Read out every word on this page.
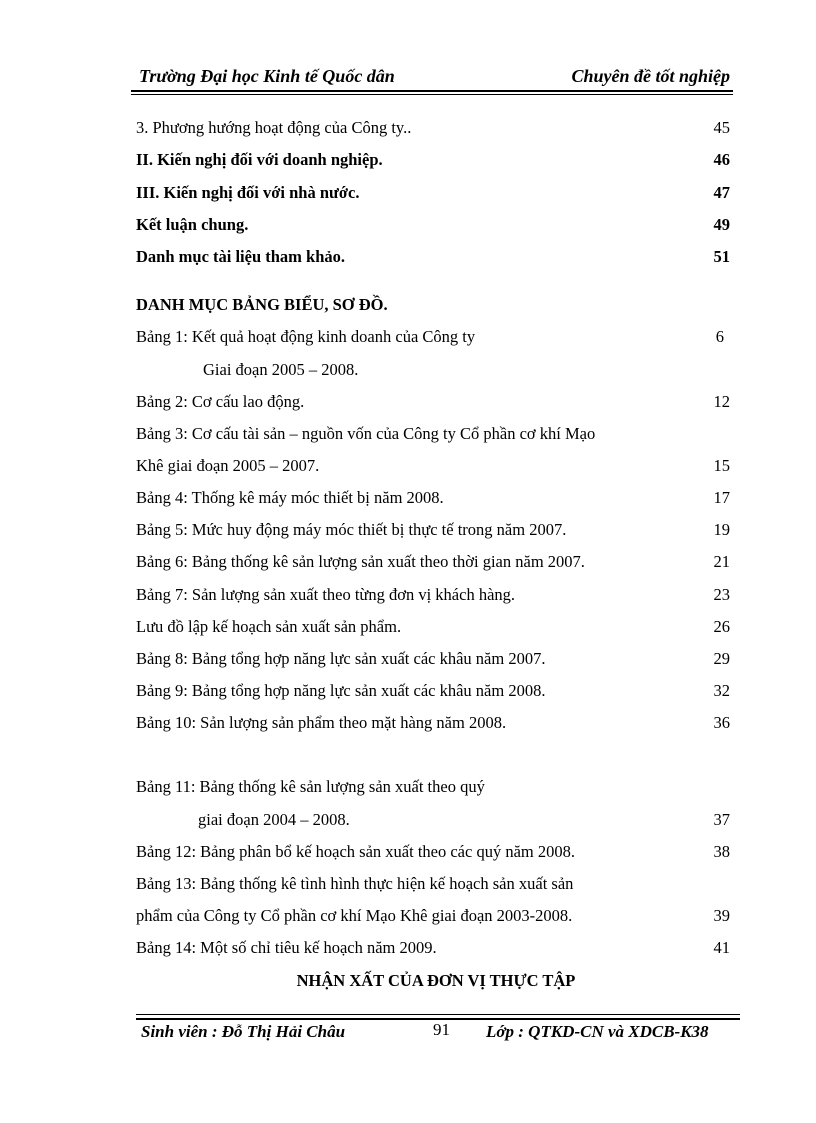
Trường Đại học Kinh tế Quốc dân	Chuyên đề tốt nghiệp
3. Phương hướng hoạt động của Công ty..	45
II. Kiến nghị đối với doanh nghiệp.	46
III. Kiến nghị đối với nhà nước.	47
Kết luận chung.	49
Danh mục tài liệu tham khảo.	51
DANH MỤC BẢNG BIỂU, SƠ ĐỒ.
Bảng 1: Kết quả hoạt động kinh doanh của Công ty	6
Giai đoạn 2005 – 2008.
Bảng 2: Cơ cấu lao động.	12
Bảng 3: Cơ cấu tài sản – nguồn vốn của Công ty Cổ phần cơ khí Mạo
Khê giai đoạn 2005 – 2007.	15
Bảng 4: Thống kê máy móc thiết bị năm 2008.	17
Bảng 5: Mức huy động máy móc thiết bị thực tế trong năm 2007.	19
Bảng 6: Bảng thống kê sản lượng sản xuất theo thời gian năm 2007.	21
Bảng 7: Sản lượng sản xuất theo từng đơn vị khách hàng.	23
Lưu đồ lập kế hoạch sản xuất sản phẩm.	26
Bảng 8: Bảng tổng hợp năng lực sản xuất các khâu năm 2007.	29
Bảng 9: Bảng tổng hợp năng lực sản xuất các khâu năm 2008.	32
Bảng 10: Sản lượng sản phẩm theo mặt hàng năm 2008.	36
Bảng 11: Bảng thống kê sản lượng sản xuất theo quý
giai đoạn 2004 – 2008.	37
Bảng 12: Bảng phân bổ kế hoạch sản xuất theo các quý năm 2008.	38
Bảng 13: Bảng thống kê tình hình thực hiện kế hoạch sản xuất sản
phẩm của Công ty Cổ phần cơ khí Mạo Khê giai đoạn 2003-2008.	39
Bảng 14: Một số chỉ tiêu kế hoạch năm 2009.	41
NHẬN XẤT CỦA ĐƠN VỊ THỰC TẬP
Sinh viên : Đỗ Thị Hải Châu	91 Lớp : QTKD-CN và XDCB-K38
